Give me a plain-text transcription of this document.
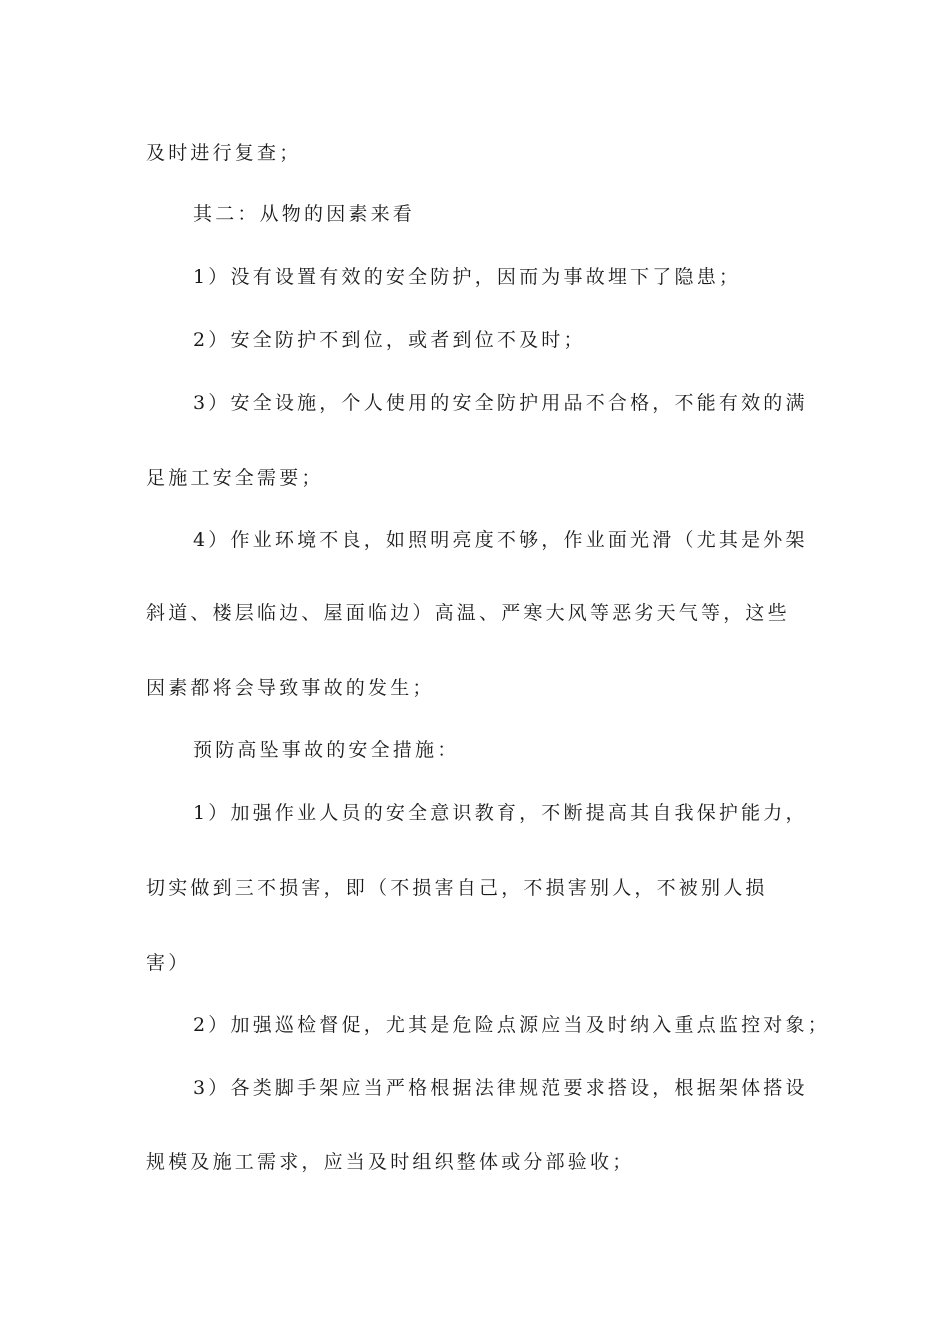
及时进行复查；
其二：从物的因素来看
1）没有设置有效的安全防护，因而为事故埋下了隐患；
2）安全防护不到位，或者到位不及时；
3）安全设施，个人使用的安全防护用品不合格，不能有效的满
足施工安全需要；
4）作业环境不良，如照明亮度不够，作业面光滑（尤其是外架
斜道、楼层临边、屋面临边）高温、严寒大风等恶劣天气等，这些
因素都将会导致事故的发生；
预防高坠事故的安全措施：
1）加强作业人员的安全意识教育，不断提高其自我保护能力，
切实做到三不损害，即（不损害自己，不损害别人，不被别人损
害）
2）加强巡检督促，尤其是危险点源应当及时纳入重点监控对象；
3）各类脚手架应当严格根据法律规范要求搭设，根据架体搭设
规模及施工需求，应当及时组织整体或分部验收；
